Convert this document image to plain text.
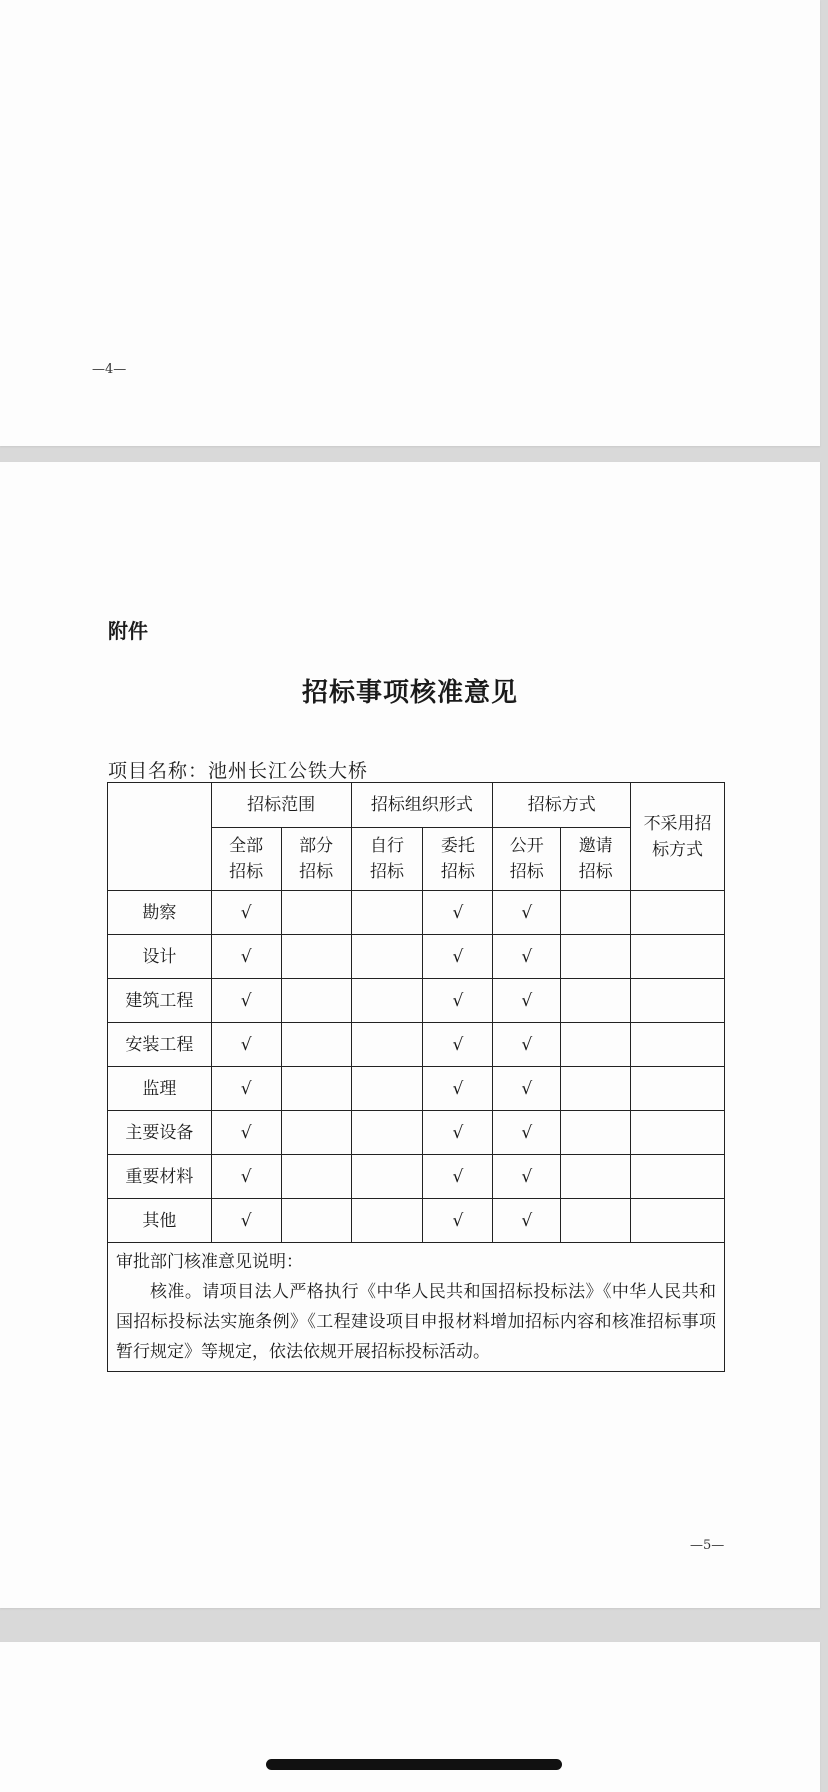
—4—
附件
招标事项核准意见
项目名称：池州长江公铁大桥
	招标范围		招标组织形式		招标方式		不采用招标方式
	全部招标	部分招标	自行招标	委托招标	公开招标	邀请招标	
勘察	√			√	√		
设计	√			√	√		
建筑工程	√			√	√		
安装工程	√			√	√		
监理	√			√	√		
主要设备	√			√	√		
重要材料	√			√	√		
其他	√			√	√		

审批部门核准意见说明：
核准。请项目法人严格执行《中华人民共和国招标投标法》《中华人民共和国招标投标法实施条例》《工程建设项目申报材料增加招标内容和核准招标事项暂行规定》等规定，依法依规开展招标投标活动。							
—5—
